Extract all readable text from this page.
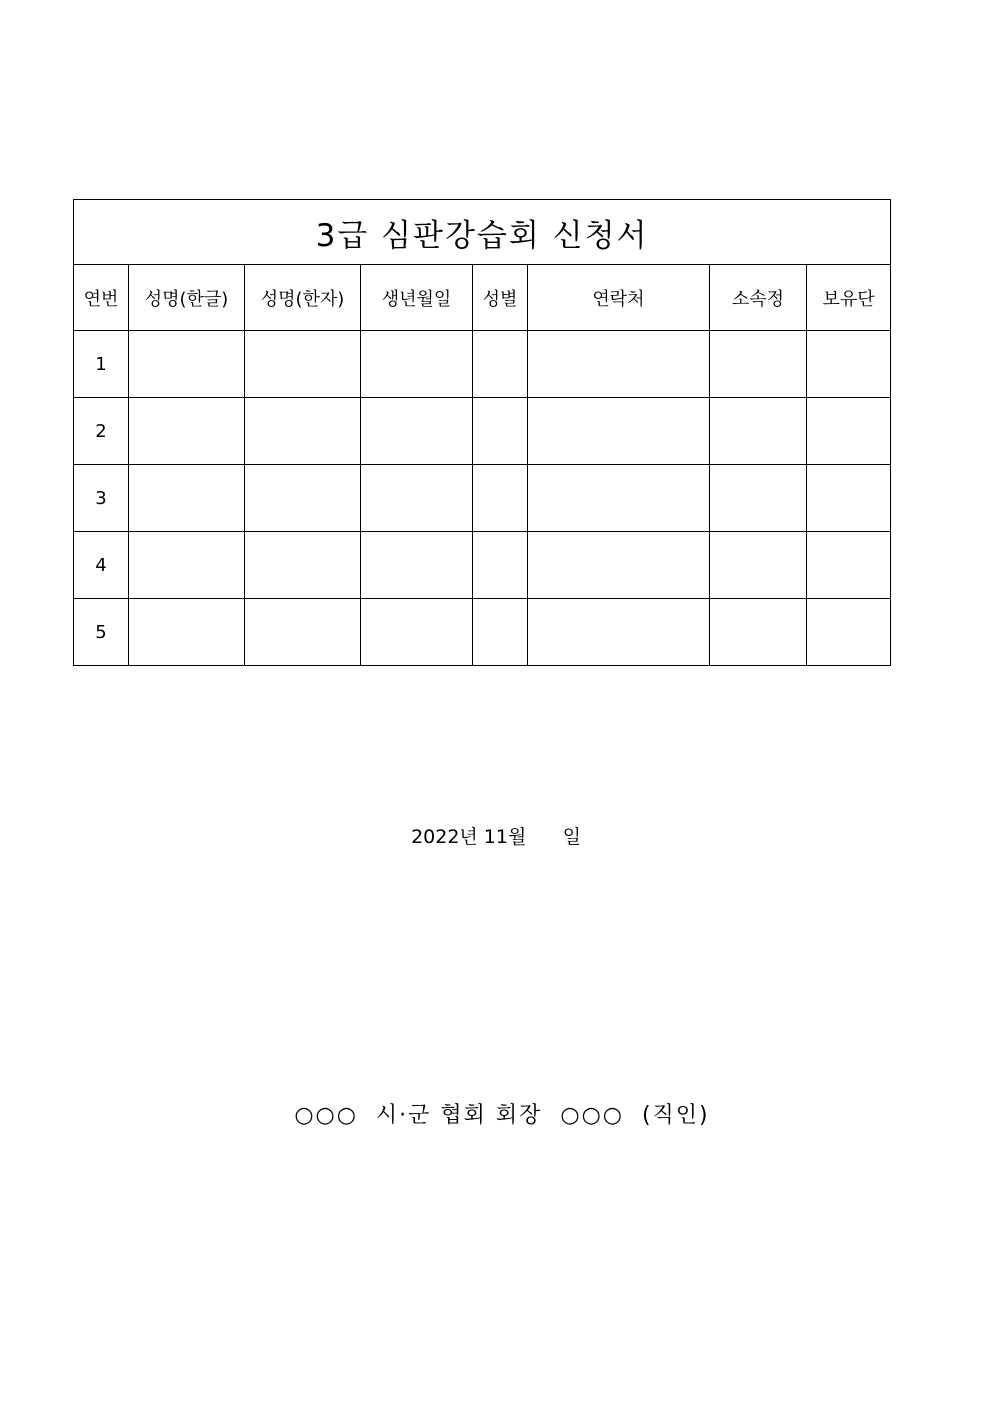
3급 심판강습회 신청서							
연번	성명(한글)	성명(한자)	생년월일	성별	연락처	소속정	보유단
1							
2							
3							
4							
5							
2022년 11월      일
○○○  시·군 협회 회장  ○○○  (직인)
